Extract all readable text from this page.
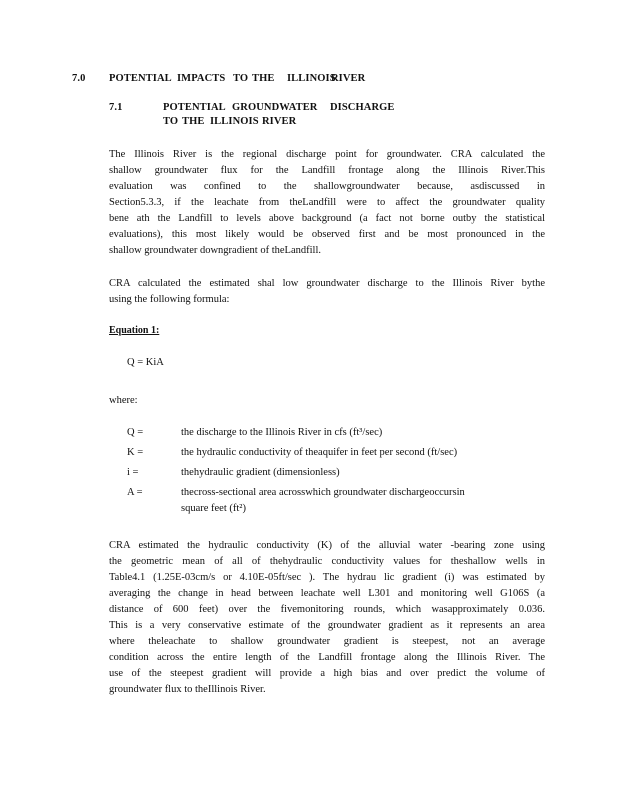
7.0 POTENTIAL IMPACTS TO THE ILLINOIS
RIVER
7.1	POTENTIAL GROUNDWATER DISCHARGE
TO THE ILLINOIS RIVER
The Illinois River is the regional discharge point for groundwater. CRA calculated the
shallow groundwater flux for the Landfill frontage along the Illinois River.This
evaluation was confined to the shallowgroundwater because, asdiscussed in
Section5.3.3, if the leachate from theLandfill were to affect the groundwater quality
bene ath the Landfill to levels above background (a fact not borne outby the statistical
evaluations), this most likely would be observed first and be most pronounced in the
shallow groundwater downgradient of theLandfill.
CRA calculated the estimated shal low groundwater discharge to the Illinois River bythe
using the following formula:
Equation 1:
Q = KiA
where:
Q =	the discharge to the Illinois River in cfs (ft³/sec)
K =	the hydraulic conductivity of theaquifer in feet per second (ft/sec)
i =	thehydraulic gradient (dimensionless)
A =	thecross-sectional area acrosswhich groundwater dischargeoccursin
square feet (ft²)
CRA estimated the hydraulic conductivity (K) of the alluvial water -bearing zone using
the geometric mean of all of thehydraulic conductivity values for theshallow wells in
Table4.1 (1.25E-03cm/s or 4.10E-05ft/sec ). The hydrau lic gradient (i) was estimated by
averaging the change in head between leachate well L301 and monitoring well G106S (a
distance of 600 feet) over the fivemonitoring rounds, which wasapproximately 0.036.
This is a very conservative estimate of the groundwater gradient as it represents an area
where theleachate to shallow groundwater gradient is steepest, not an average
condition across the entire length of the Landfill frontage along the Illinois River. The
use of the steepest gradient will provide a high bias and over predict the volume of
groundwater flux to theIllinois River.
